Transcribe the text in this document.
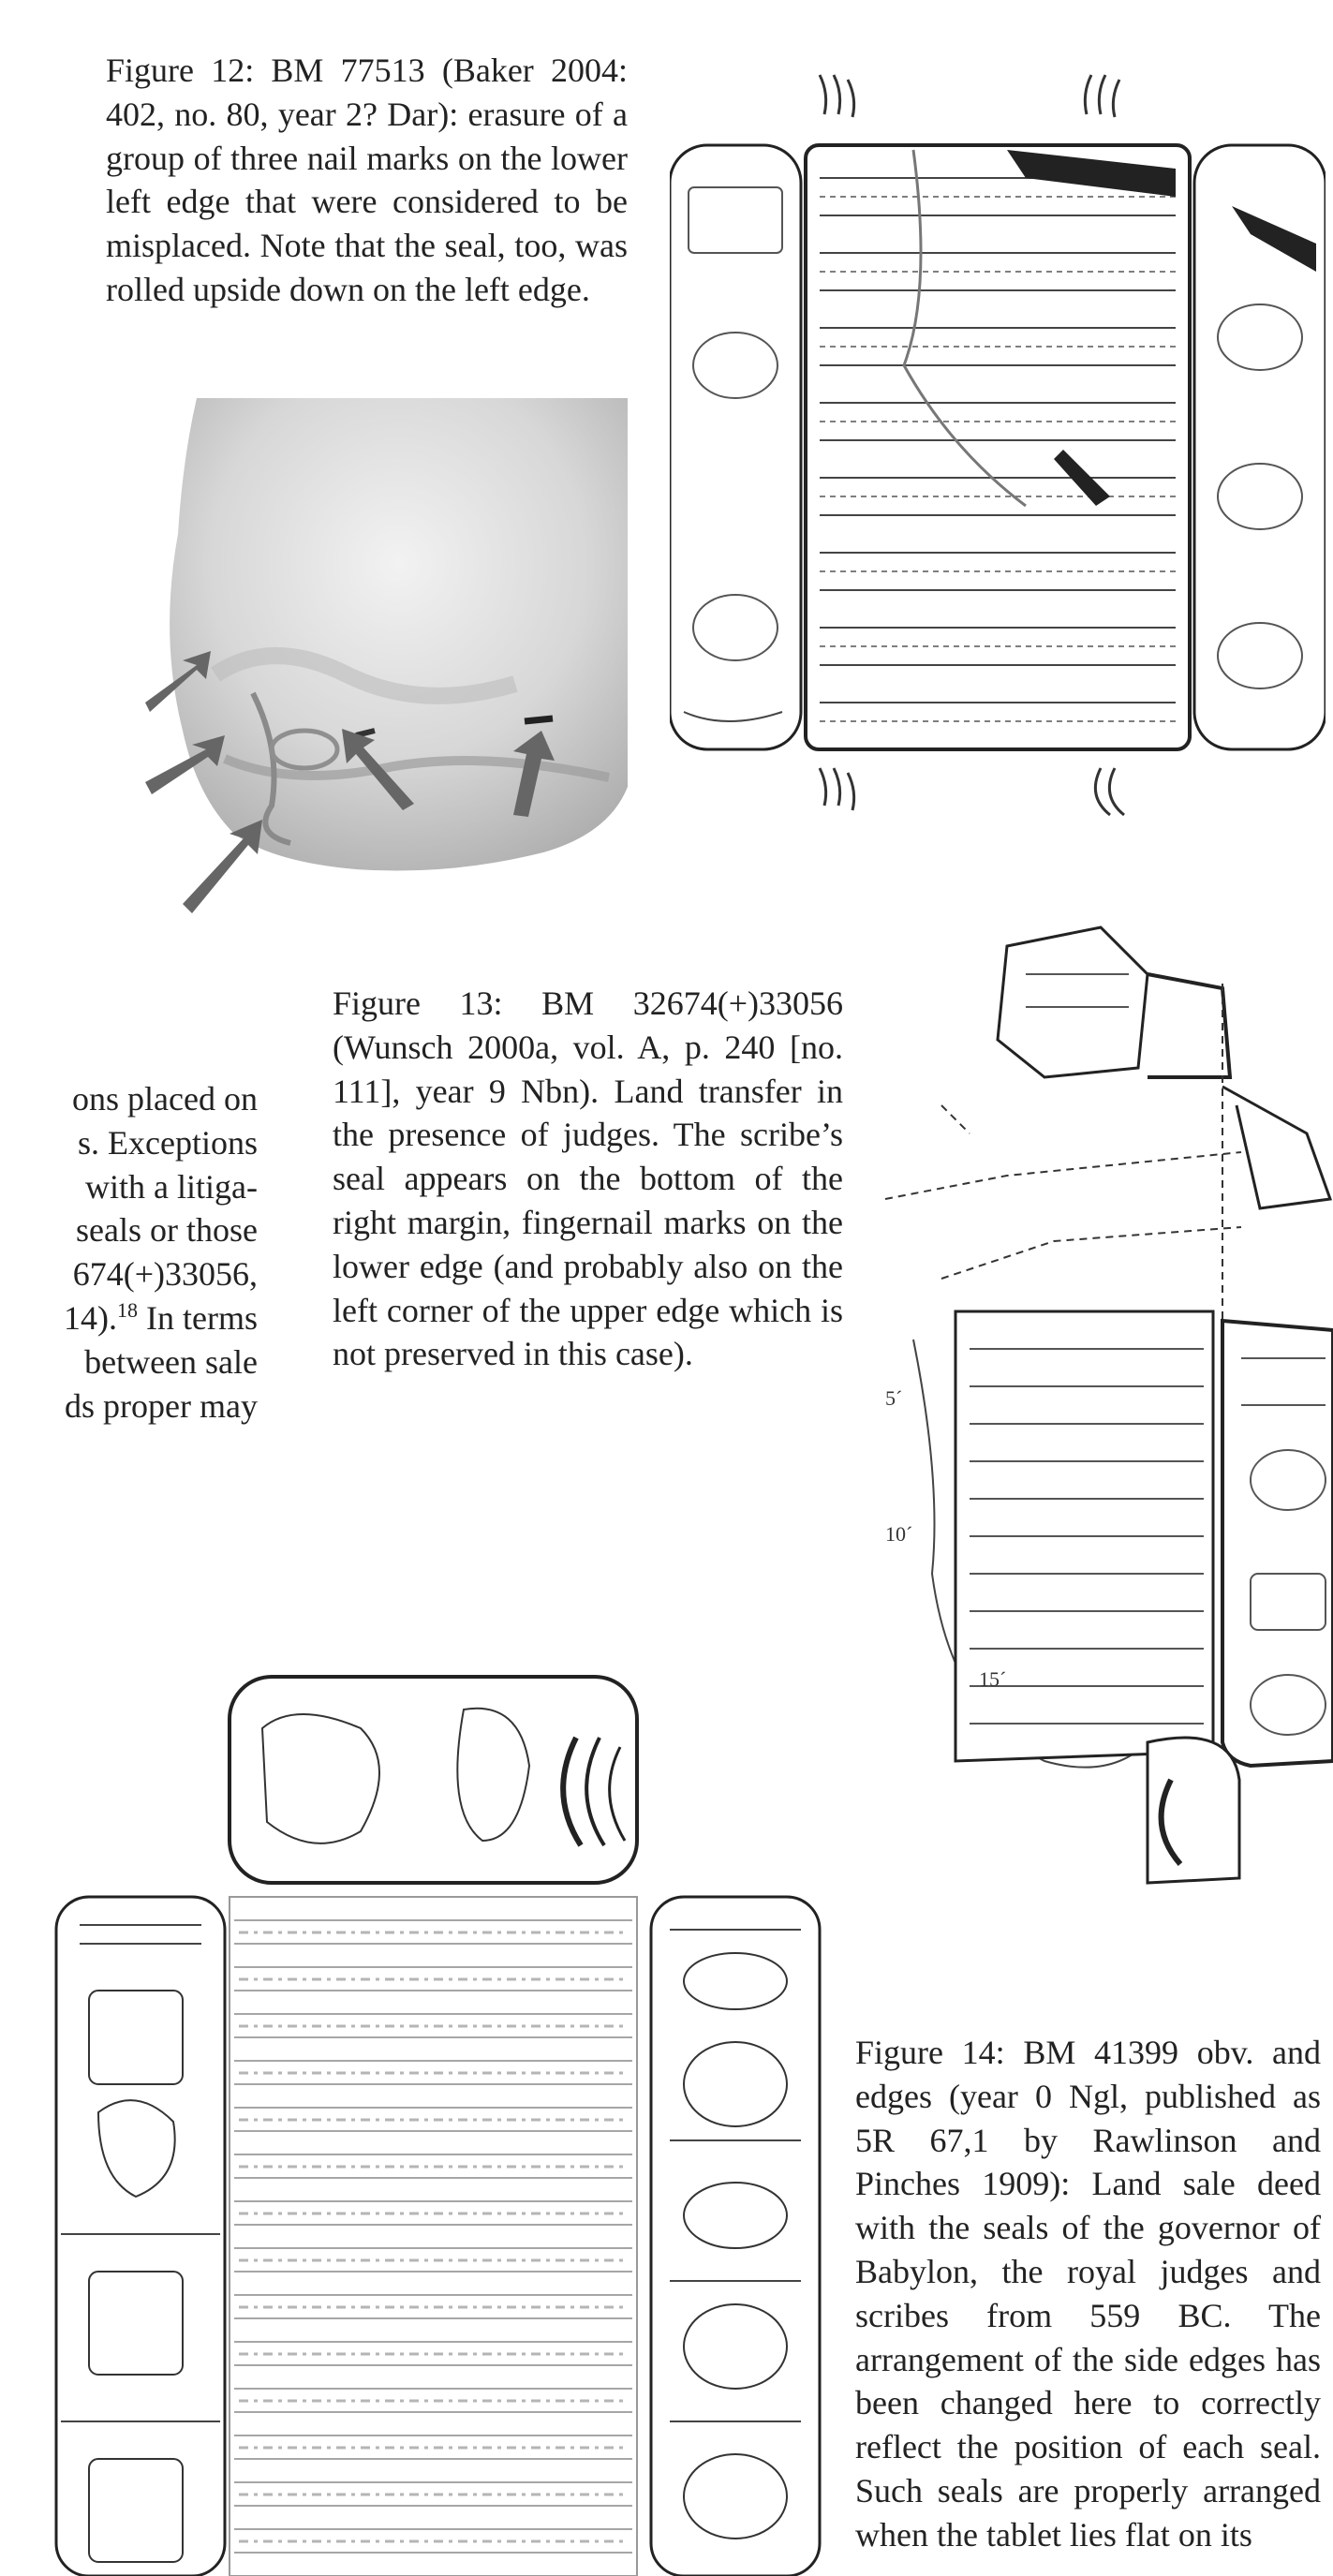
Figure 12: BM 77513 (Baker 2004: 402, no. 80, year 2? Dar): erasure of a group of three nail marks on the lower left edge that were considered to be misplaced. Note that the seal, too, was rolled upside down on the left edge.

Figure 13: BM 32674(+)33056 (Wunsch 2000a, vol. A, p. 240 [no. 111], year 9 Nbn). Land transfer in the presence of judges. The scribe’s seal appears on the bottom of the right margin, fingernail marks on the lower edge (and probably also on the left corner of the upper edge which is not preserved in this case).

5´
10´
15´
ons placed on
s. Exceptions
with a litiga-
seals or those
674(+)33056,
14).$^{18}$ In terms
between sale
ds proper may

Figure 14: BM 41399 obv. and edges (year 0 Ngl, published as 5R 67,1 by Rawlinson and Pinches 1909): Land sale deed with the seals of the governor of Babylon, the royal judges and scribes from 559 BC. The arrangement of the side edges has been changed here to correctly reflect the position of each seal. Such seals are properly arranged when the tablet lies flat on its
